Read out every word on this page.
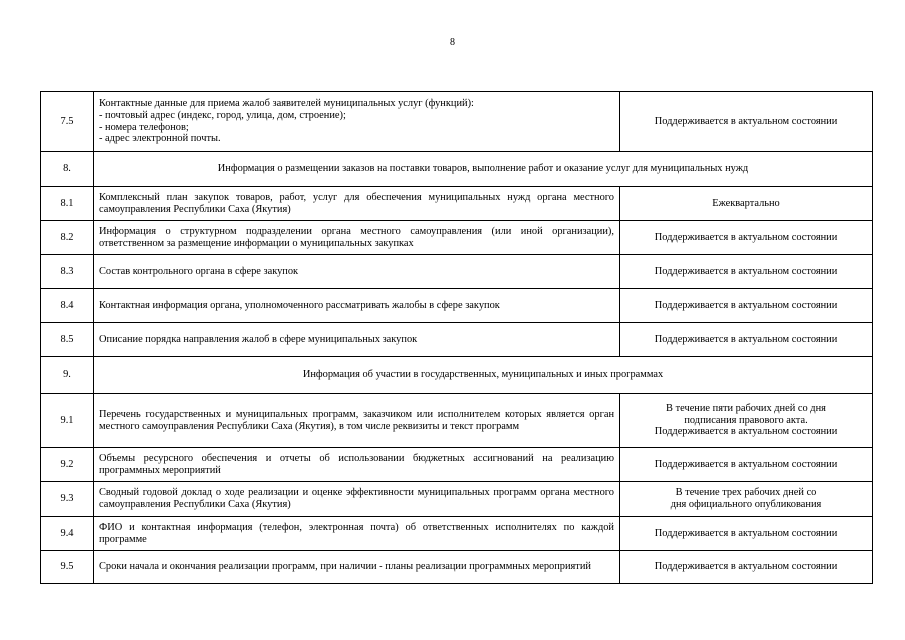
8
7.5	Контактные данные для приема жалоб заявителей муниципальных услуг (функций):
- почтовый адрес (индекс, город, улица, дом, строение);
- номера телефонов;
- адрес электронной почты.	Поддерживается в актуальном состоянии
8.	Информация о размещении заказов на поставки товаров, выполнение работ и оказание услуг для муниципальных нужд	
8.1	Комплексный план закупок товаров, работ, услуг для обеспечения муниципальных нужд органа местного самоуправления Республики Саха (Якутия)	Ежеквартально
8.2	Информация о структурном подразделении органа местного самоуправления (или иной организации), ответственном за размещение информации о муниципальных закупках	Поддерживается в актуальном состоянии
8.3	Состав контрольного органа в сфере закупок	Поддерживается в актуальном состоянии
8.4	Контактная информация органа, уполномоченного рассматривать жалобы в сфере закупок	Поддерживается в актуальном состоянии
8.5	Описание порядка направления жалоб в сфере муниципальных закупок	Поддерживается в актуальном состоянии
9.	Информация об участии в государственных, муниципальных и иных программах	
9.1	Перечень государственных и муниципальных программ, заказчиком или исполнителем которых является орган местного самоуправления Республики Саха (Якутия), в том числе реквизиты и текст программ	В течение пяти рабочих дней со дня
подписания правового акта.
Поддерживается в актуальном состоянии

9.2	Объемы ресурсного обеспечения и отчеты об использовании бюджетных ассигнований на реализацию программных мероприятий	Поддерживается в актуальном состоянии
9.3	Сводный годовой доклад о ходе реализации и оценке эффективности муниципальных программ органа местного самоуправления Республики Саха (Якутия)	В течение трех рабочих дней со
дня официального опубликования

9.4	ФИО и контактная информация (телефон, электронная почта) об ответственных исполнителях по каждой программе	Поддерживается в актуальном состоянии
9.5	Сроки начала и окончания реализации программ, при наличии - планы реализации программных мероприятий	Поддерживается в актуальном состоянии
